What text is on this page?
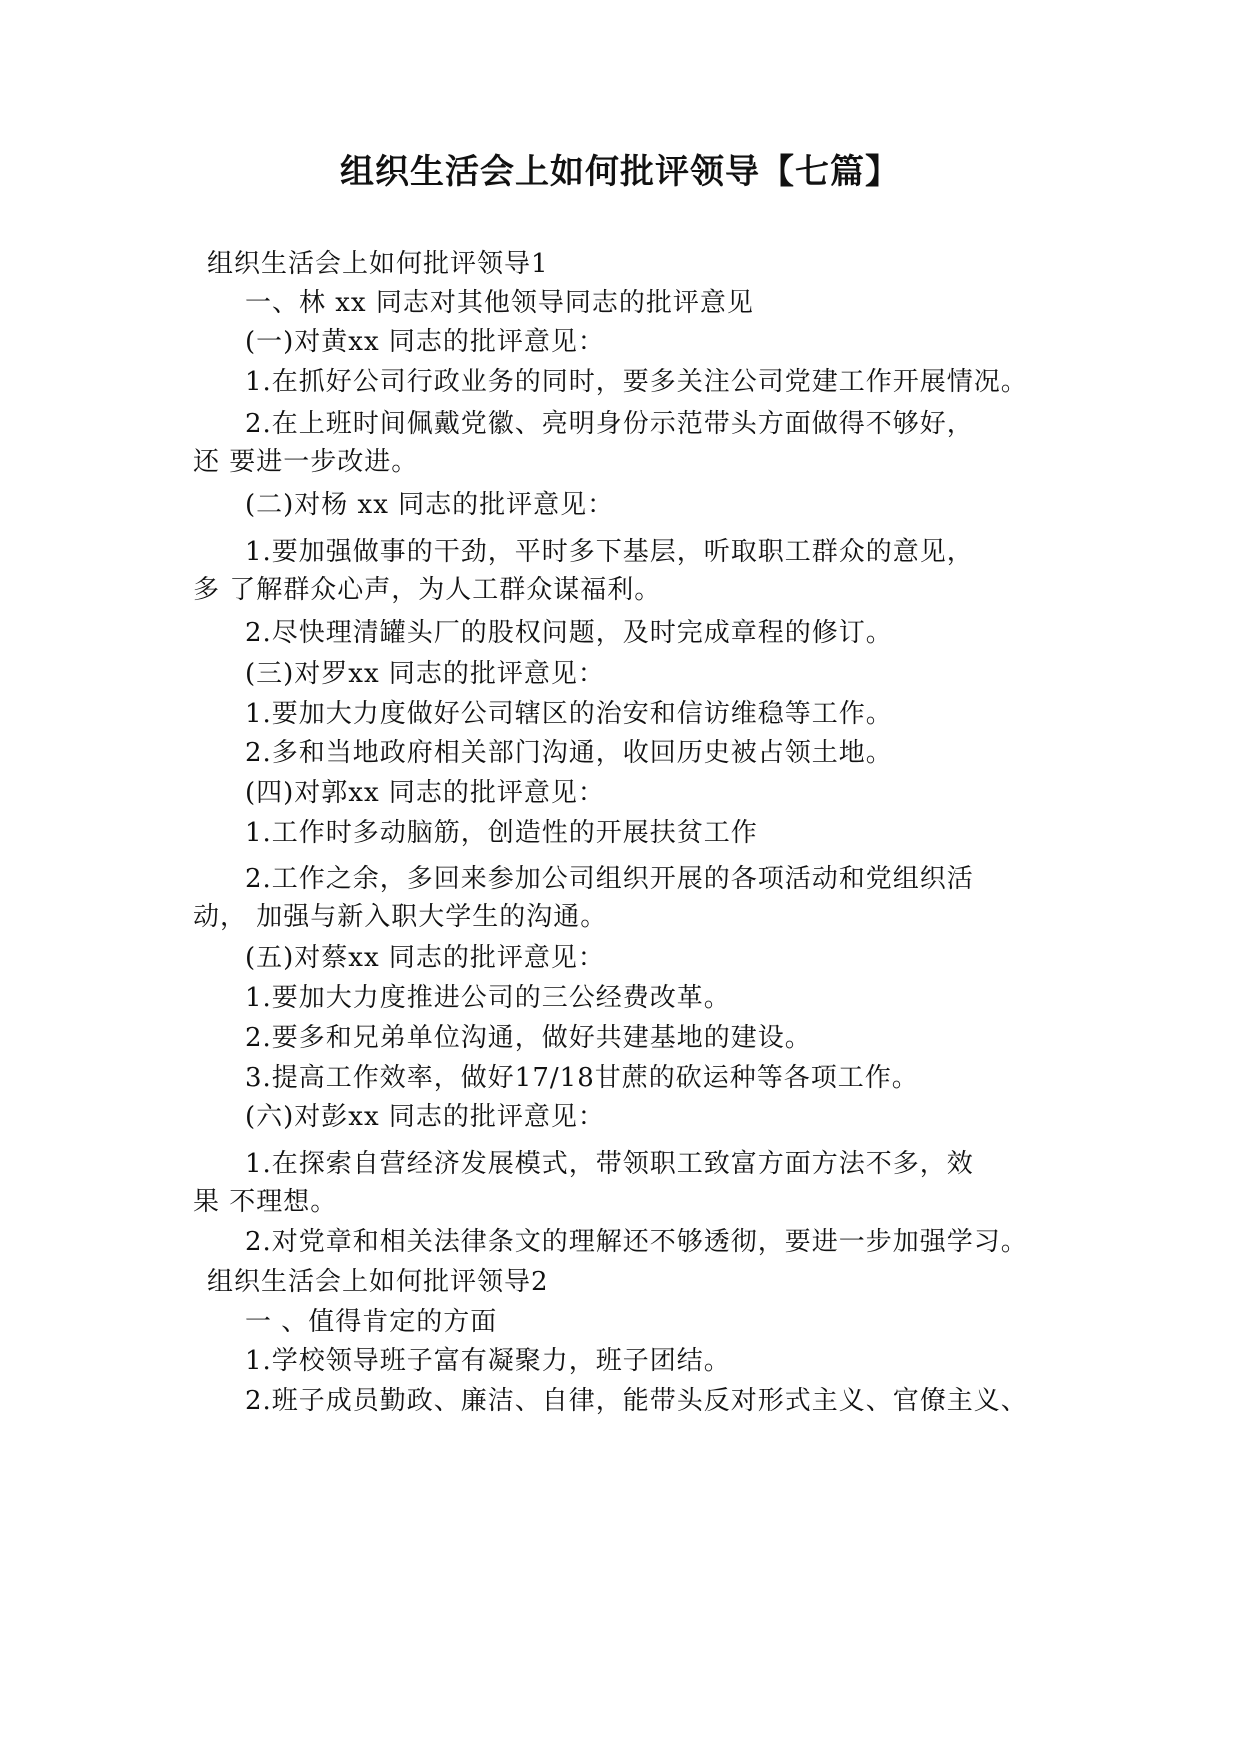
组织生活会上如何批评领导【七篇】
组织生活会上如何批评领导1
一、林 xx 同志对其他领导同志的批评意见
(一)对黄xx 同志的批评意见：
1.在抓好公司行政业务的同时，要多关注公司党建工作开展情况。
2.在上班时间佩戴党徽、亮明身份示范带头方面做得不够好，
还 要进一步改进。
(二)对杨 xx 同志的批评意见：
1.要加强做事的干劲，平时多下基层，听取职工群众的意见，
多 了解群众心声，为人工群众谋福利。
2.尽快理清罐头厂的股权问题，及时完成章程的修订。
(三)对罗xx 同志的批评意见：
1.要加大力度做好公司辖区的治安和信访维稳等工作。
2.多和当地政府相关部门沟通，收回历史被占领土地。
(四)对郭xx 同志的批评意见：
1.工作时多动脑筋，创造性的开展扶贫工作
2.工作之余，多回来参加公司组织开展的各项活动和党组织活
动， 加强与新入职大学生的沟通。
(五)对蔡xx 同志的批评意见：
1.要加大力度推进公司的三公经费改革。
2.要多和兄弟单位沟通，做好共建基地的建设。
3.提高工作效率，做好17/18甘蔗的砍运种等各项工作。
(六)对彭xx 同志的批评意见：
1.在探索自营经济发展模式，带领职工致富方面方法不多，效
果 不理想。
2.对党章和相关法律条文的理解还不够透彻，要进一步加强学习。
组织生活会上如何批评领导2
一 、值得肯定的方面
1.学校领导班子富有凝聚力，班子团结。
2.班子成员勤政、廉洁、自律，能带头反对形式主义、官僚主义、
